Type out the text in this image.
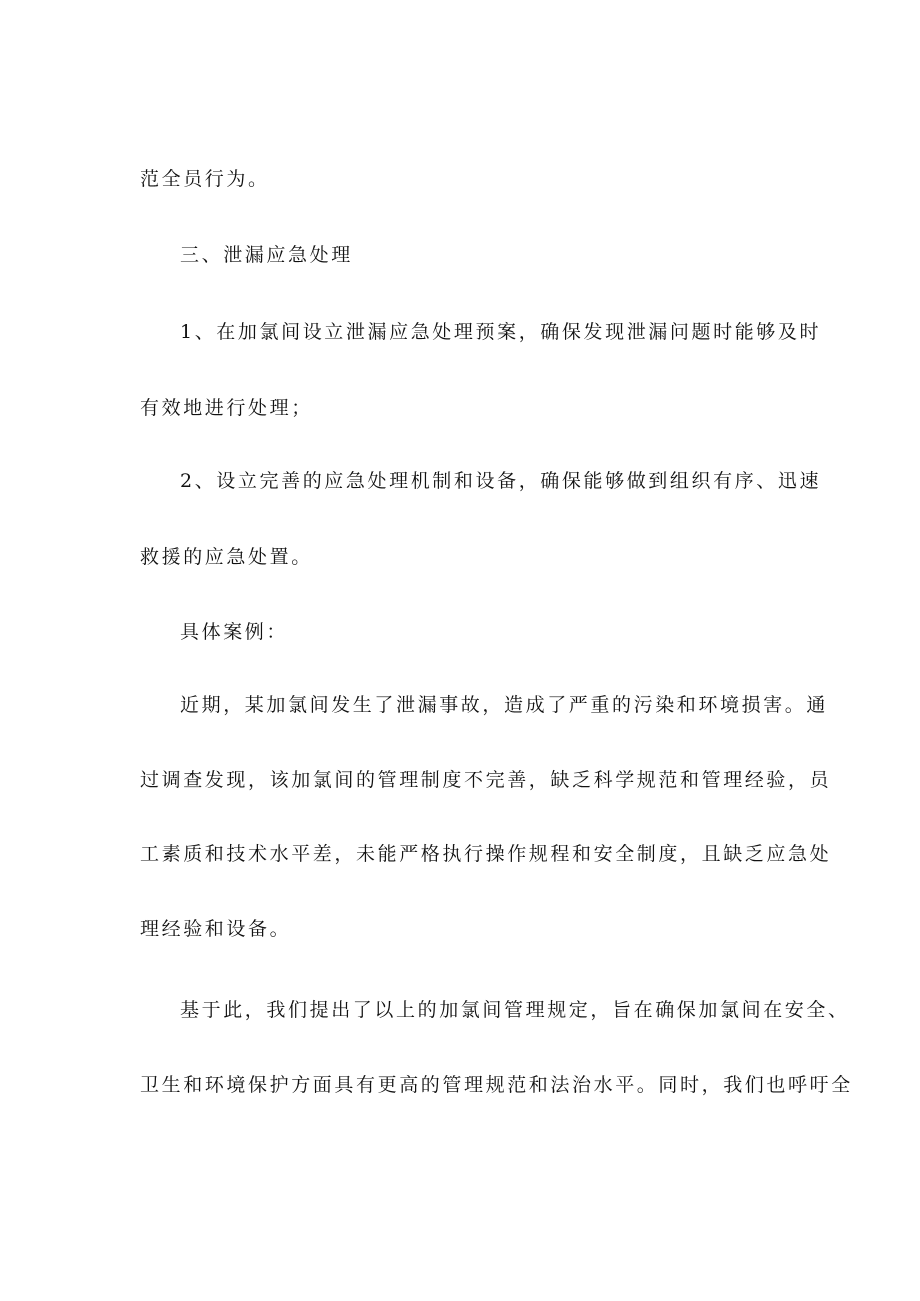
范全员行为。
三、泄漏应急处理
1、在加氯间设立泄漏应急处理预案，确保发现泄漏问题时能够及时
有效地进行处理；
2、设立完善的应急处理机制和设备，确保能够做到组织有序、迅速
救援的应急处置。
具体案例：
近期，某加氯间发生了泄漏事故，造成了严重的污染和环境损害。通
过调查发现，该加氯间的管理制度不完善，缺乏科学规范和管理经验，员
工素质和技术水平差，未能严格执行操作规程和安全制度，且缺乏应急处
理经验和设备。
基于此，我们提出了以上的加氯间管理规定，旨在确保加氯间在安全、
卫生和环境保护方面具有更高的管理规范和法治水平。同时，我们也呼吁全
